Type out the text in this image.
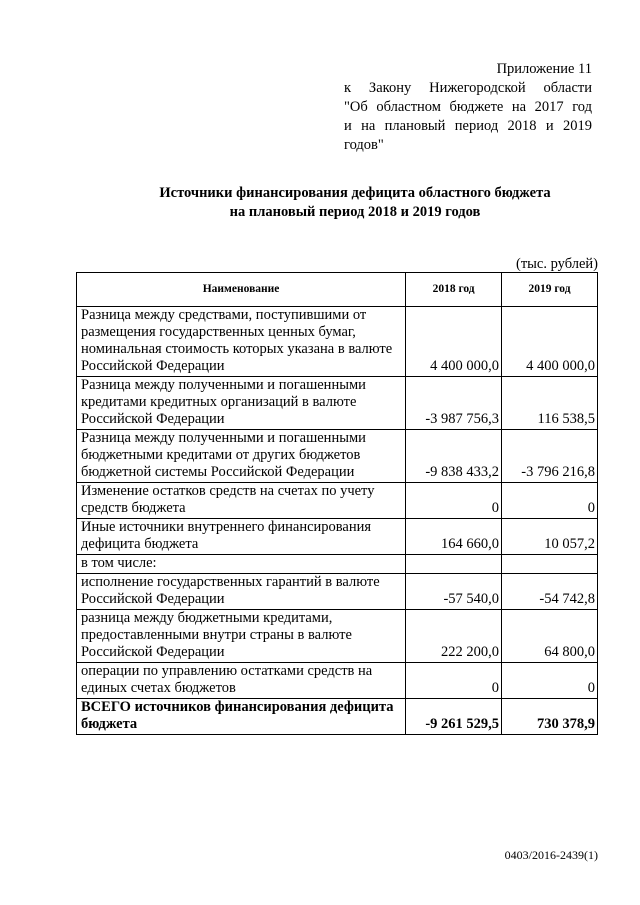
Приложение 11
к Закону Нижегородской области
"Об областном бюджете на 2017 год
и на плановый период 2018 и 2019
годов"
Источники финансирования дефицита областного бюджета
на плановый период 2018 и 2019 годов
(тыс. рублей)
Наименование	2018 год	2019 год
Разница между средствами, поступившими от размещения государственных ценных бумаг, номинальная стоимость которых указана в валюте Российской Федерации	4 400 000,0	4 400 000,0
Разница между полученными и погашенными кредитами кредитных организаций в валюте Российской Федерации	-3 987 756,3	116 538,5
Разница между полученными и погашенными бюджетными кредитами от других бюджетов бюджетной системы Российской Федерации	-9 838 433,2	-3 796 216,8
Изменение остатков средств на счетах по учету средств бюджета	0	0
Иные источники внутреннего финансирования дефицита бюджета	164 660,0	10 057,2
в том числе:		
исполнение государственных гарантий в валюте Российской Федерации	-57 540,0	-54 742,8
разница между бюджетными кредитами, предоставленными внутри страны в валюте Российской Федерации	222 200,0	64 800,0
операции по управлению остатками средств на единых счетах бюджетов	0	0
ВСЕГО источников финансирования дефицита бюджета	-9 261 529,5	730 378,9
0403/2016-2439(1)
